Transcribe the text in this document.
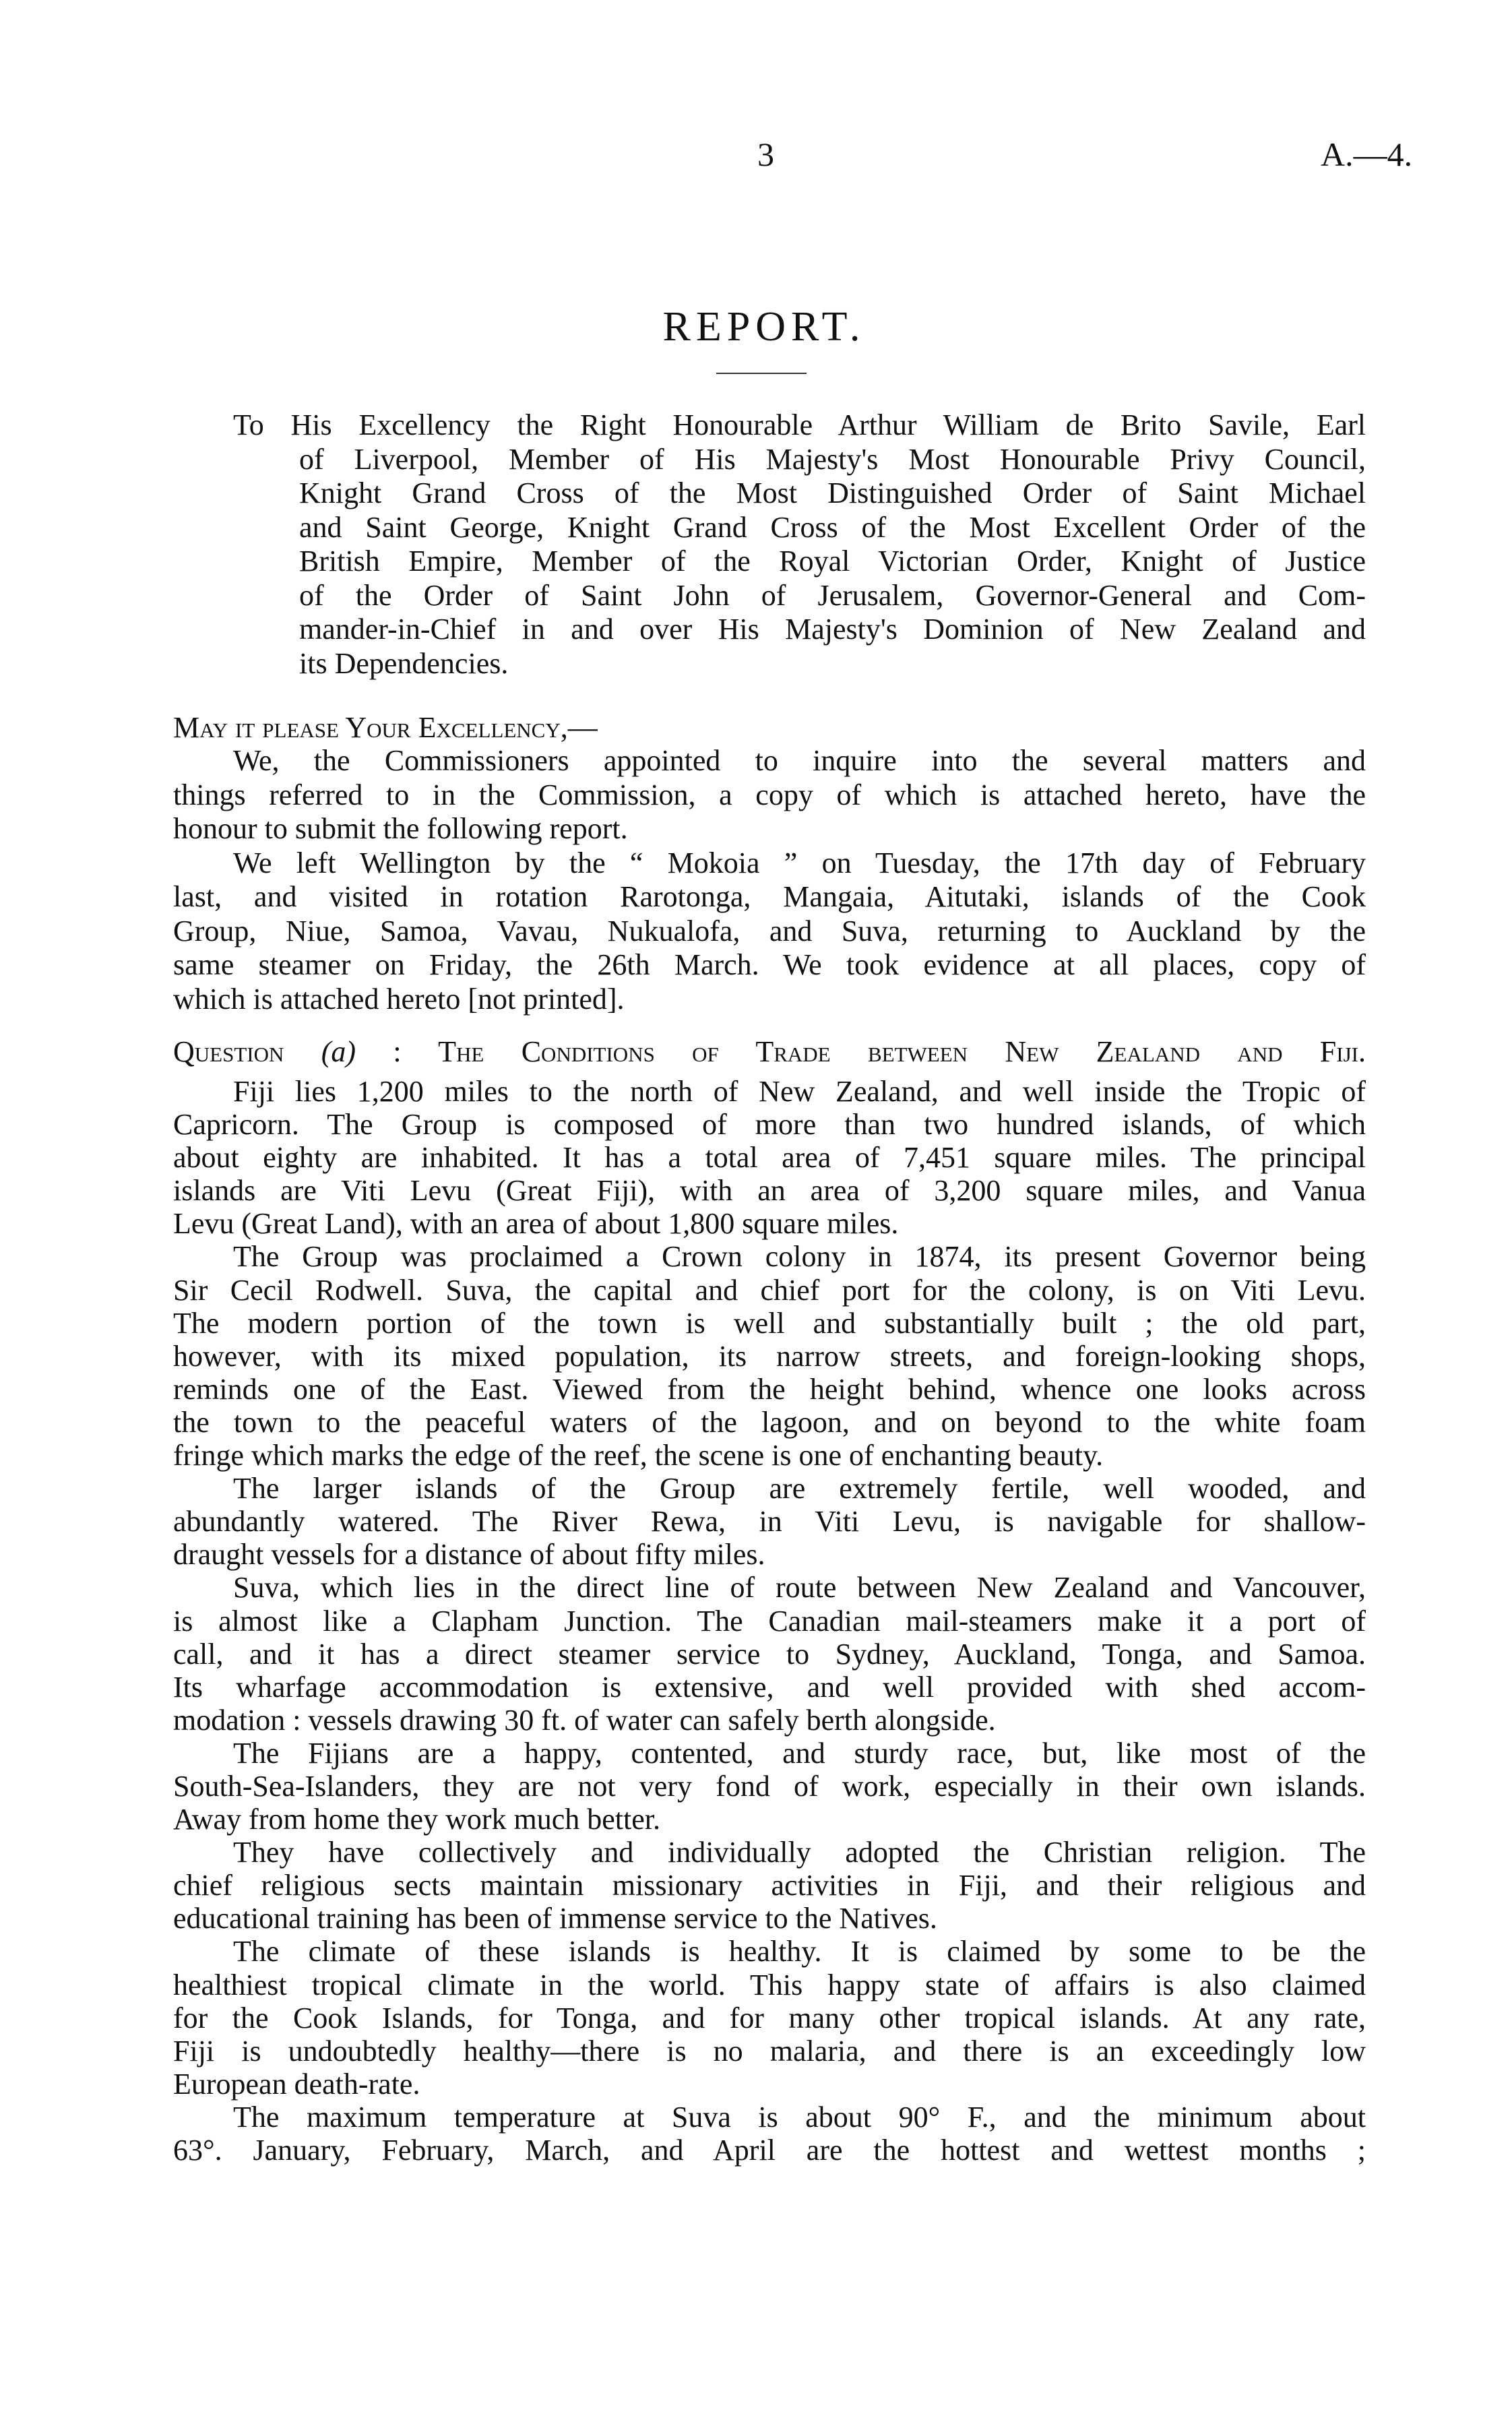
3	A.—4.
REPORT.
To His Excellency the Right Honourable Arthur William de Brito Savile, Earl
of Liverpool, Member of His Majesty's Most Honourable Privy Council,
Knight Grand Cross of the Most Distinguished Order of Saint Michael
and Saint George, Knight Grand Cross of the Most Excellent Order of the
British Empire, Member of the Royal Victorian Order, Knight of Justice
of the Order of Saint John of Jerusalem, Governor-General and Com-
mander-in-Chief in and over His Majesty's Dominion of New Zealand and
its Dependencies.
May it please Your Excellency,—
We, the Commissioners appointed to inquire into the several matters and
things referred to in the Commission, a copy of which is attached hereto, have the
honour to submit the following report.
We left Wellington by the “ Mokoia ” on Tuesday, the 17th day of February
last, and visited in rotation Rarotonga, Mangaia, Aitutaki, islands of the Cook
Group, Niue, Samoa, Vavau, Nukualofa, and Suva, returning to Auckland by the
same steamer on Friday, the 26th March. We took evidence at all places, copy of
which is attached hereto [not printed].
Question (a) : The Conditions of Trade between New Zealand and Fiji.
Fiji lies 1,200 miles to the north of New Zealand, and well inside the Tropic of
Capricorn. The Group is composed of more than two hundred islands, of which
about eighty are inhabited. It has a total area of 7,451 square miles. The principal
islands are Viti Levu (Great Fiji), with an area of 3,200 square miles, and Vanua
Levu (Great Land), with an area of about 1,800 square miles.
The Group was proclaimed a Crown colony in 1874, its present Governor being
Sir Cecil Rodwell. Suva, the capital and chief port for the colony, is on Viti Levu.
The modern portion of the town is well and substantially built ; the old part,
however, with its mixed population, its narrow streets, and foreign-looking shops,
reminds one of the East. Viewed from the height behind, whence one looks across
the town to the peaceful waters of the lagoon, and on beyond to the white foam
fringe which marks the edge of the reef, the scene is one of enchanting beauty.
The larger islands of the Group are extremely fertile, well wooded, and
abundantly watered. The River Rewa, in Viti Levu, is navigable for shallow-
draught vessels for a distance of about fifty miles.
Suva, which lies in the direct line of route between New Zealand and Vancouver,
is almost like a Clapham Junction. The Canadian mail-steamers make it a port of
call, and it has a direct steamer service to Sydney, Auckland, Tonga, and Samoa.
Its wharfage accommodation is extensive, and well provided with shed accom-
modation : vessels drawing 30 ft. of water can safely berth alongside.
The Fijians are a happy, contented, and sturdy race, but, like most of the
South-Sea-Islanders, they are not very fond of work, especially in their own islands.
Away from home they work much better.
They have collectively and individually adopted the Christian religion. The
chief religious sects maintain missionary activities in Fiji, and their religious and
educational training has been of immense service to the Natives.
The climate of these islands is healthy. It is claimed by some to be the
healthiest tropical climate in the world. This happy state of affairs is also claimed
for the Cook Islands, for Tonga, and for many other tropical islands. At any rate,
Fiji is undoubtedly healthy—there is no malaria, and there is an exceedingly low
European death-rate.
The maximum temperature at Suva is about 90° F., and the minimum about
63°. January, February, March, and April are the hottest and wettest months ;
